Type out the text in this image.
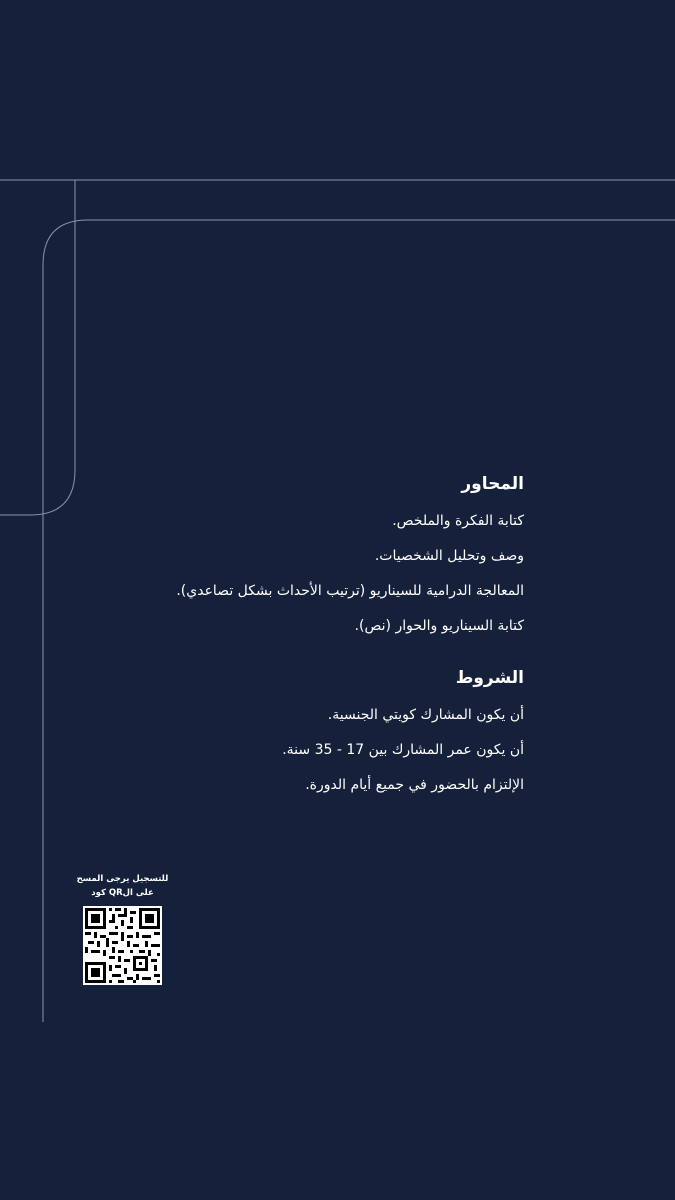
المحاور
كتابة الفكرة والملخص.
وصف وتحليل الشخصيات.
المعالجة الدرامية للسيناريو (ترتيب الأحداث بشكل تصاعدي).
كتابة السيناريو والحوار (نص).
الشروط
أن يكون المشارك كويتي الجنسية.
أن يكون عمر المشارك بين 17 - 35 سنة.
الإلتزام بالحضور في جميع أيام الدورة.
للتسجيل يرجى المسح
على الQR كود
